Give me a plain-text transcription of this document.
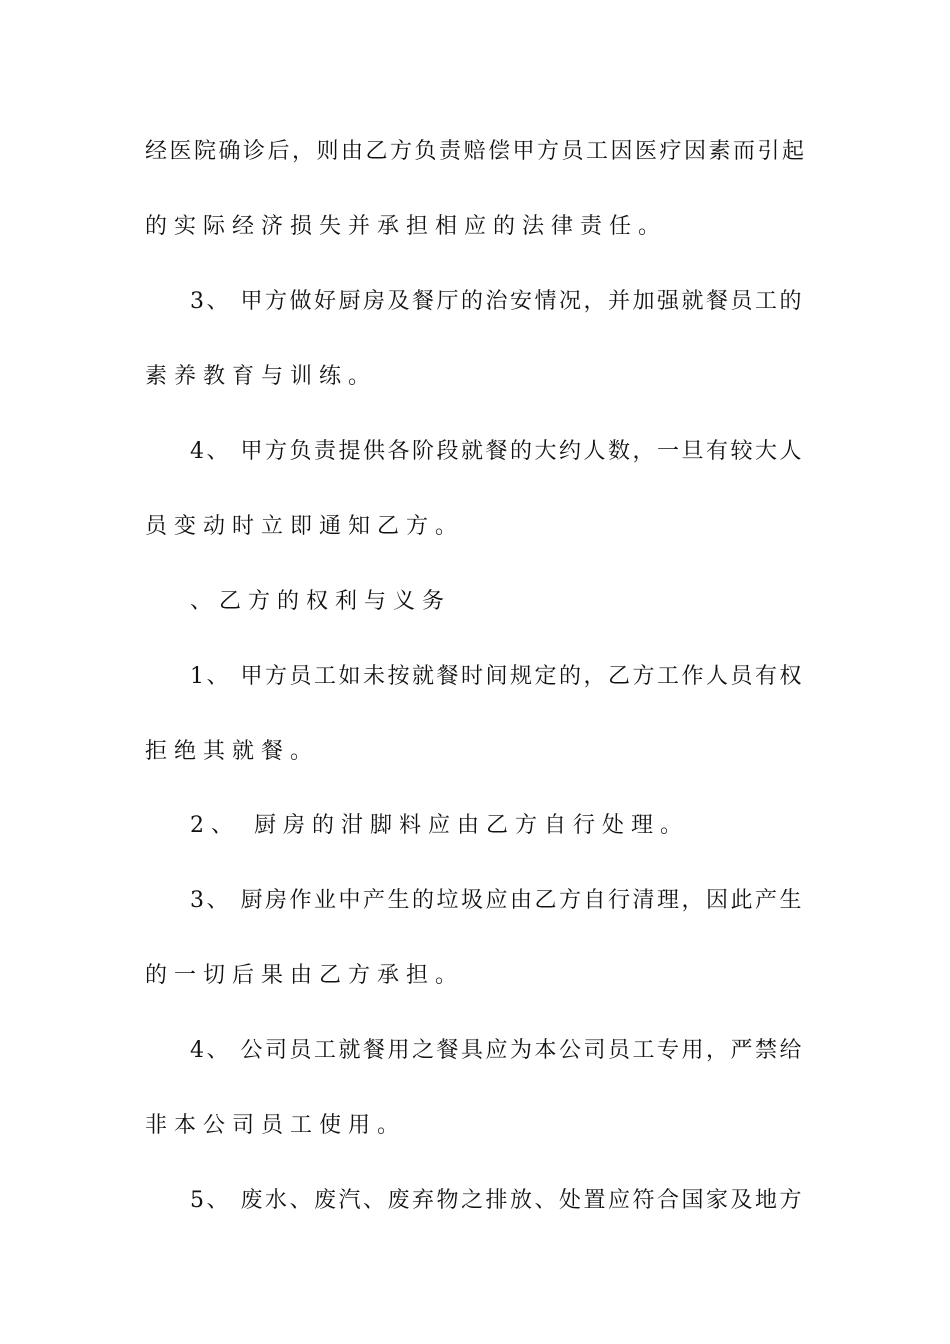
经医院确诊后，则由乙方负责赔偿甲方员工因医疗因素而引起
的实际经济损失并承担相应的法律责任。
3、 甲方做好厨房及餐厅的治安情况，并加强就餐员工的
素养教育与训练。
4、 甲方负责提供各阶段就餐的大约人数，一旦有较大人
员变动时立即通知乙方。
、乙方的权利与义务
1、 甲方员工如未按就餐时间规定的，乙方工作人员有权
拒绝其就餐。
2、 厨房的泔脚料应由乙方自行处理。
3、 厨房作业中产生的垃圾应由乙方自行清理，因此产生
的一切后果由乙方承担。
4、 公司员工就餐用之餐具应为本公司员工专用，严禁给
非本公司员工使用。
5、 废水、废汽、废弃物之排放、处置应符合国家及地方
